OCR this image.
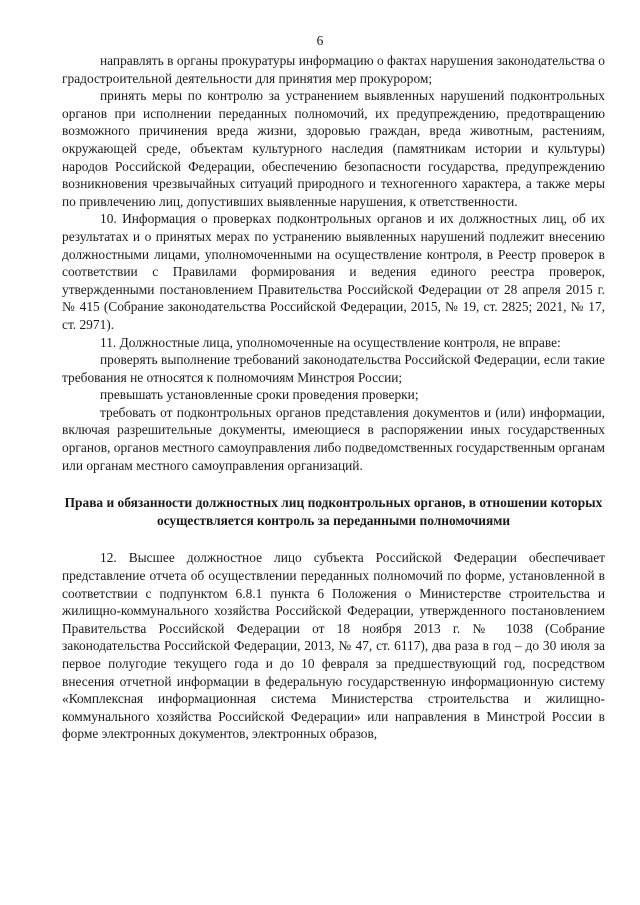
6

направлять в органы прокуратуры информацию о фактах нарушения законодательства о градостроительной деятельности для принятия мер прокурором;

принять меры по контролю за устранением выявленных нарушений подконтрольных органов при исполнении переданных полномочий, их предупреждению, предотвращению возможного причинения вреда жизни, здоровью граждан, вреда животным, растениям, окружающей среде, объектам культурного наследия (памятникам истории и культуры) народов Российской Федерации, обеспечению безопасности государства, предупреждению возникновения чрезвычайных ситуаций природного и техногенного характера, а также меры по привлечению лиц, допустивших выявленные нарушения, к ответственности.

10. Информация о проверках подконтрольных органов и их должностных лиц, об их результатах и о принятых мерах по устранению выявленных нарушений подлежит внесению должностными лицами, уполномоченными на осуществление контроля, в Реестр проверок в соответствии с Правилами формирования и ведения единого реестра проверок, утвержденными постановлением Правительства Российской Федерации от 28 апреля 2015 г. № 415 (Собрание законодательства Российской Федерации, 2015, № 19, ст. 2825; 2021, № 17, ст. 2971).

11. Должностные лица, уполномоченные на осуществление контроля, не вправе:

проверять выполнение требований законодательства Российской Федерации, если такие требования не относятся к полномочиям Минстроя России;

превышать установленные сроки проведения проверки;

требовать от подконтрольных органов представления документов и (или) информации, включая разрешительные документы, имеющиеся в распоряжении иных государственных органов, органов местного самоуправления либо подведомственных государственным органам или органам местного самоуправления организаций.

Права и обязанности должностных лиц подконтрольных органов, в отношении которых осуществляется контроль за переданными полномочиями

12. Высшее должностное лицо субъекта Российской Федерации обеспечивает представление отчета об осуществлении переданных полномочий по форме, установленной в соответствии с подпунктом 6.8.1 пункта 6 Положения о Министерстве строительства и жилищно-коммунального хозяйства Российской Федерации, утвержденного постановлением Правительства Российской Федерации от 18 ноября 2013 г. № 1038 (Собрание законодательства Российской Федерации, 2013, № 47, ст. 6117), два раза в год – до 30 июля за первое полугодие текущего года и до 10 февраля за предшествующий год, посредством внесения отчетной информации в федеральную государственную информационную систему «Комплексная информационная система Министерства строительства и жилищно-коммунального хозяйства Российской Федерации» или направления в Минстрой России в форме электронных документов, электронных образов,
